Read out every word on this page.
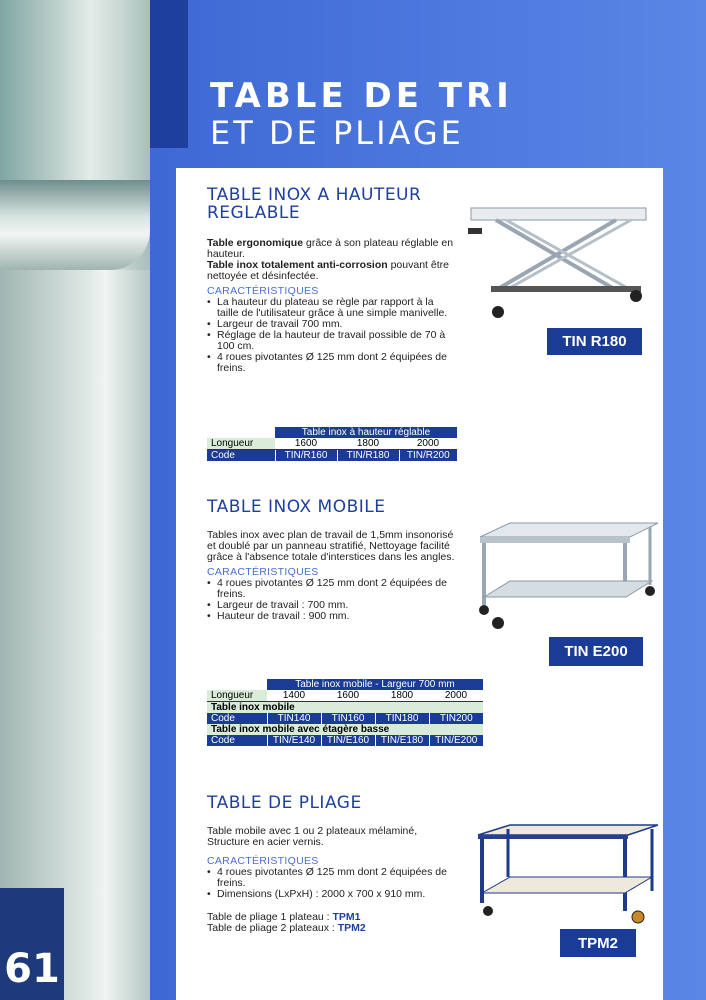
TABLE DE TRI
ET DE PLIAGE
61
TABLE INOX A HAUTEUR
REGLABLE

Table ergonomique grâce à son plateau réglable en hauteur.

Table inox totalement anti-corrosion pouvant être nettoyée et désinfectée.

CARACTÉRISTIQUES
• La hauteur du plateau se règle par rapport à la taille de l'utilisateur grâce à une simple manivelle.
• Largeur de travail 700 mm.
• Réglage de la hauteur de travail possible de 70 à 100 cm.
• 4 roues pivotantes Ø 125 mm dont 2 équipées de freins.
TIN R180
	Table inox à hauteur réglable		
Longueur	1600	1800	2000
Code	TIN/R160	TIN/R180	TIN/R200
TABLE INOX MOBILE

Tables inox avec plan de travail de 1,5mm insonorisé et doublé par un panneau stratifié, Nettoyage facilité grâce à l'absence totale d'interstices dans les angles.

CARACTÉRISTIQUES
• 4 roues pivotantes Ø 125 mm dont 2 équipées de freins.
• Largeur de travail : 700 mm.
• Hauteur de travail : 900 mm.
TIN E200
	Table inox mobile - Largeur 700 mm			
Longueur	1400	1600	1800	2000
Table inox mobile				
Code	TIN140	TIN160	TIN180	TIN200
Table inox mobile avec étagère basse				
Code	TIN/E140	TIN/E160	TIN/E180	TIN/E200
TABLE DE PLIAGE

Table mobile avec 1 ou 2 plateaux mélaminé, Structure en acier vernis.

CARACTÉRISTIQUES
• 4 roues pivotantes Ø 125 mm dont 2 équipées de freins.
• Dimensions (LxPxH) : 2000 x 700 x 910 mm.

Table de pliage 1 plateau : TPM1

Table de pliage 2 plateaux : TPM2

TPM2
